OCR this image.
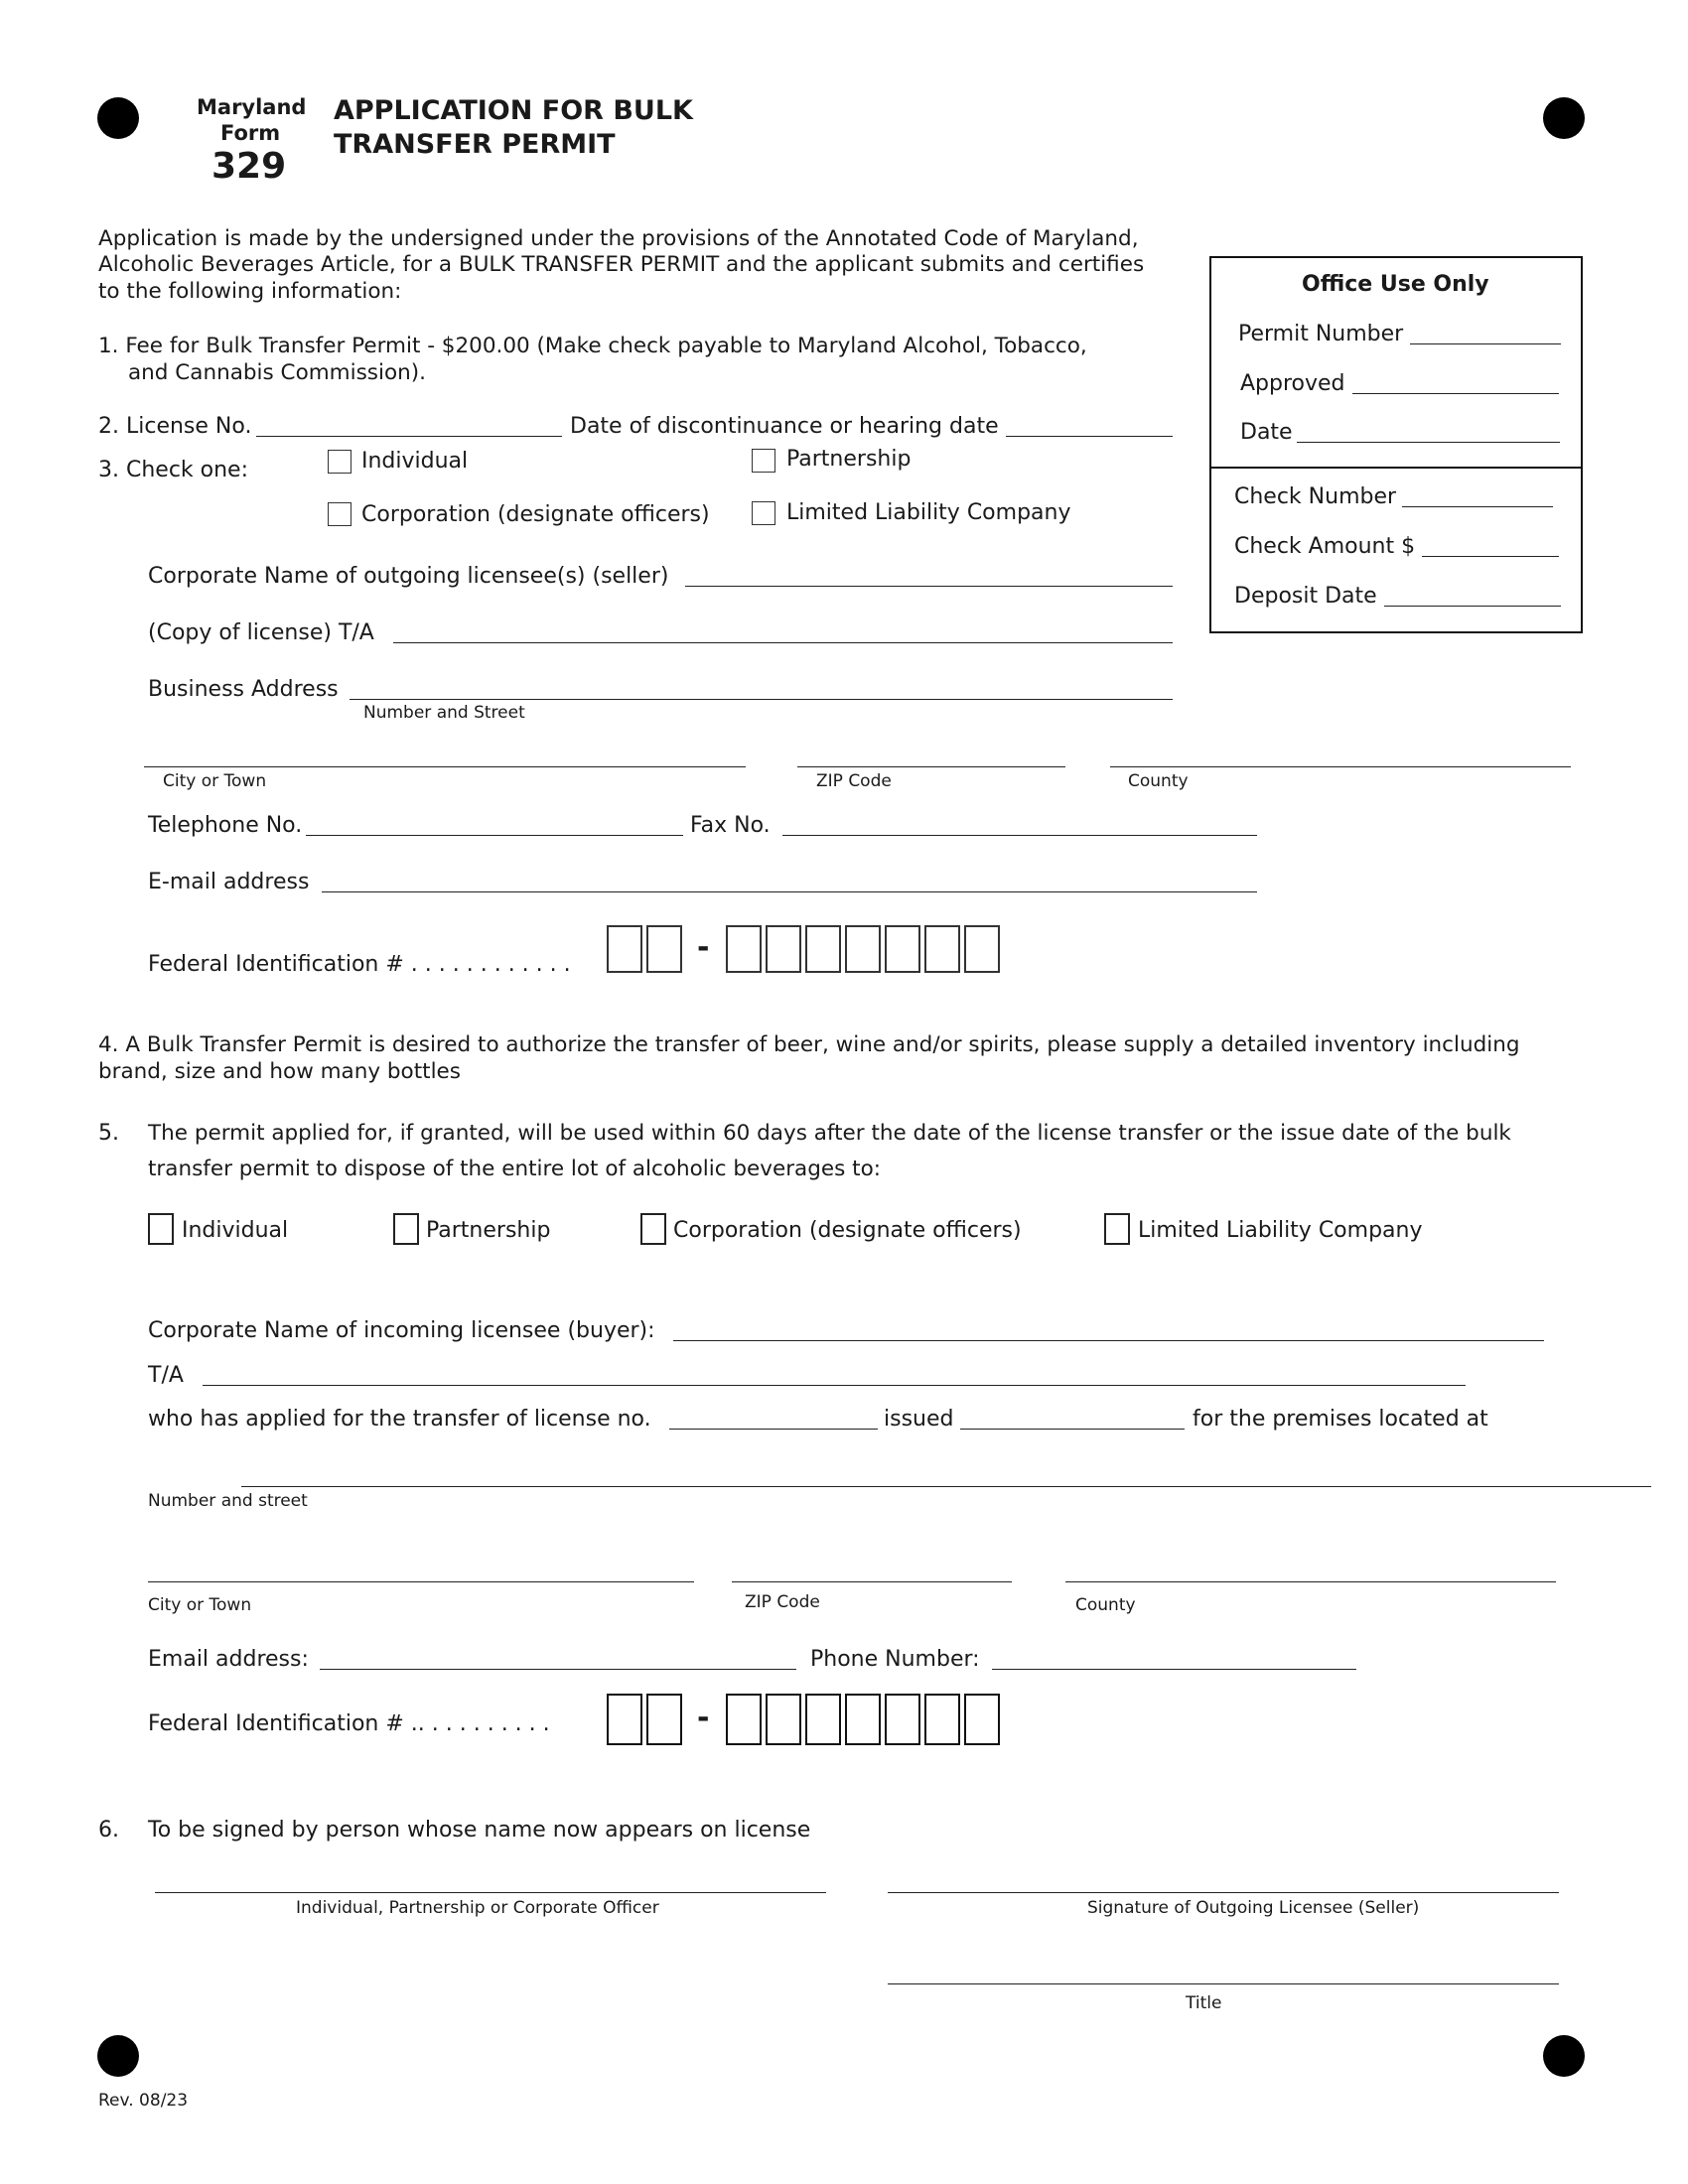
Maryland
Form
329
APPLICATION FOR BULK
TRANSFER PERMIT
Application is made by the undersigned under the provisions of the Annotated Code of Maryland,
Alcoholic Beverages Article, for a BULK TRANSFER PERMIT and the applicant submits and certifies
to the following information:	Office Use Only
Permit Number
Approved
Date
Check Number
Check Amount $
Deposit Date
1. Fee for Bulk Transfer Permit - $200.00 (Make check payable to Maryland Alcohol, Tobacco,
and Cannabis Commission).
2. License No.	Date of discontinuance or hearing date
3. Check one:	Individual	Partnership
Corporation (designate officers)	Limited Liability Company
Corporate Name of outgoing licensee(s) (seller)
(Copy of license) T/A
Business Address
Number and Street
City or Town	ZIP Code	County
Telephone No.	Fax No.
E-mail address
Federal Identification # . . . . . . . . . . . .	-
4. A Bulk Transfer Permit is desired to authorize the transfer of beer, wine and/or spirits, please supply a detailed inventory including
brand, size and how many bottles
5. The permit applied for, if granted, will be used within 60 days after the date of the license transfer or the issue date of the bulk
transfer permit to dispose of the entire lot of alcoholic beverages to:
Individual	Partnership	Corporation (designate officers)	Limited Liability Company
Corporate Name of incoming licensee (buyer):
T/A
who has applied for the transfer of license no.	issued	for the premises located at
Number and street
City or Town	ZIP Code	County
Email address:	Phone Number:
Federal Identification # .. . . . . . . . . .	-
6. To be signed by person whose name now appears on license
Individual, Partnership or Corporate Officer	Signature of Outgoing Licensee (Seller)
Title
Rev. 08/23
